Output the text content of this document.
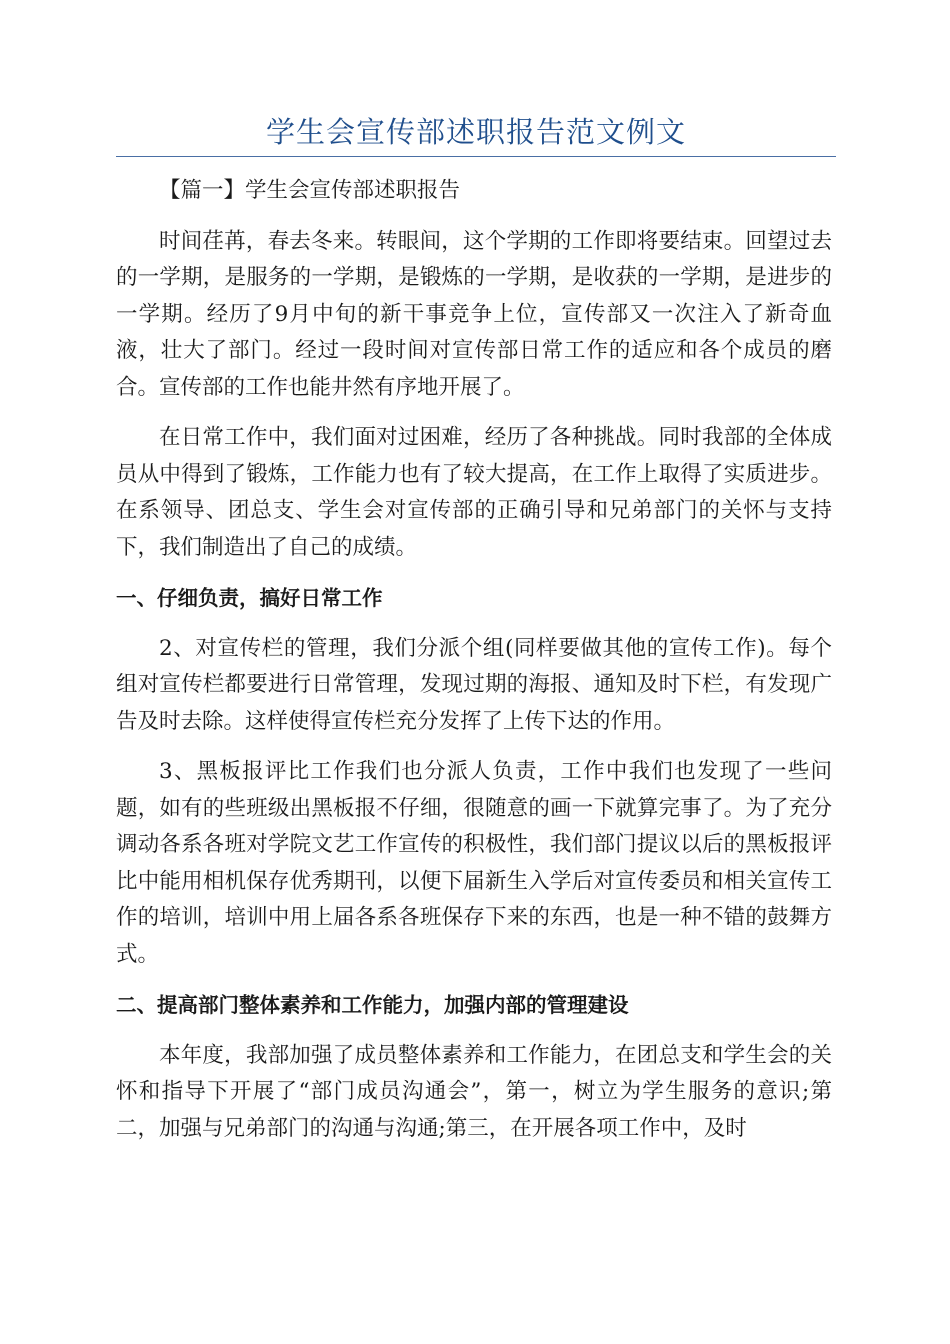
学生会宣传部述职报告范文例文

【篇一】学生会宣传部述职报告

时间荏苒，春去冬来。转眼间，这个学期的工作即将要结束。回望过去的一学期，是服务的一学期，是锻炼的一学期，是收获的一学期，是进步的一学期。经历了9月中旬的新干事竞争上位，宣传部又一次注入了新奇血液，壮大了部门。经过一段时间对宣传部日常工作的适应和各个成员的磨合。宣传部的工作也能井然有序地开展了。

在日常工作中，我们面对过困难，经历了各种挑战。同时我部的全体成员从中得到了锻炼，工作能力也有了较大提高，在工作上取得了实质进步。在系领导、团总支、学生会对宣传部的正确引导和兄弟部门的关怀与支持下，我们制造出了自己的成绩。

一、仔细负责，搞好日常工作

2、对宣传栏的管理，我们分派个组(同样要做其他的宣传工作)。每个组对宣传栏都要进行日常管理，发现过期的海报、通知及时下栏，有发现广告及时去除。这样使得宣传栏充分发挥了上传下达的作用。

3、黑板报评比工作我们也分派人负责，工作中我们也发现了一些问题，如有的些班级出黑板报不仔细，很随意的画一下就算完事了。为了充分调动各系各班对学院文艺工作宣传的积极性，我们部门提议以后的黑板报评比中能用相机保存优秀期刊，以便下届新生入学后对宣传委员和相关宣传工作的培训，培训中用上届各系各班保存下来的东西，也是一种不错的鼓舞方式。

二、提高部门整体素养和工作能力，加强内部的管理建设

本年度，我部加强了成员整体素养和工作能力，在团总支和学生会的关怀和指导下开展了“部门成员沟通会”，第一，树立为学生服务的意识;第二，加强与兄弟部门的沟通与沟通;第三，在开展各项工作中，及时
